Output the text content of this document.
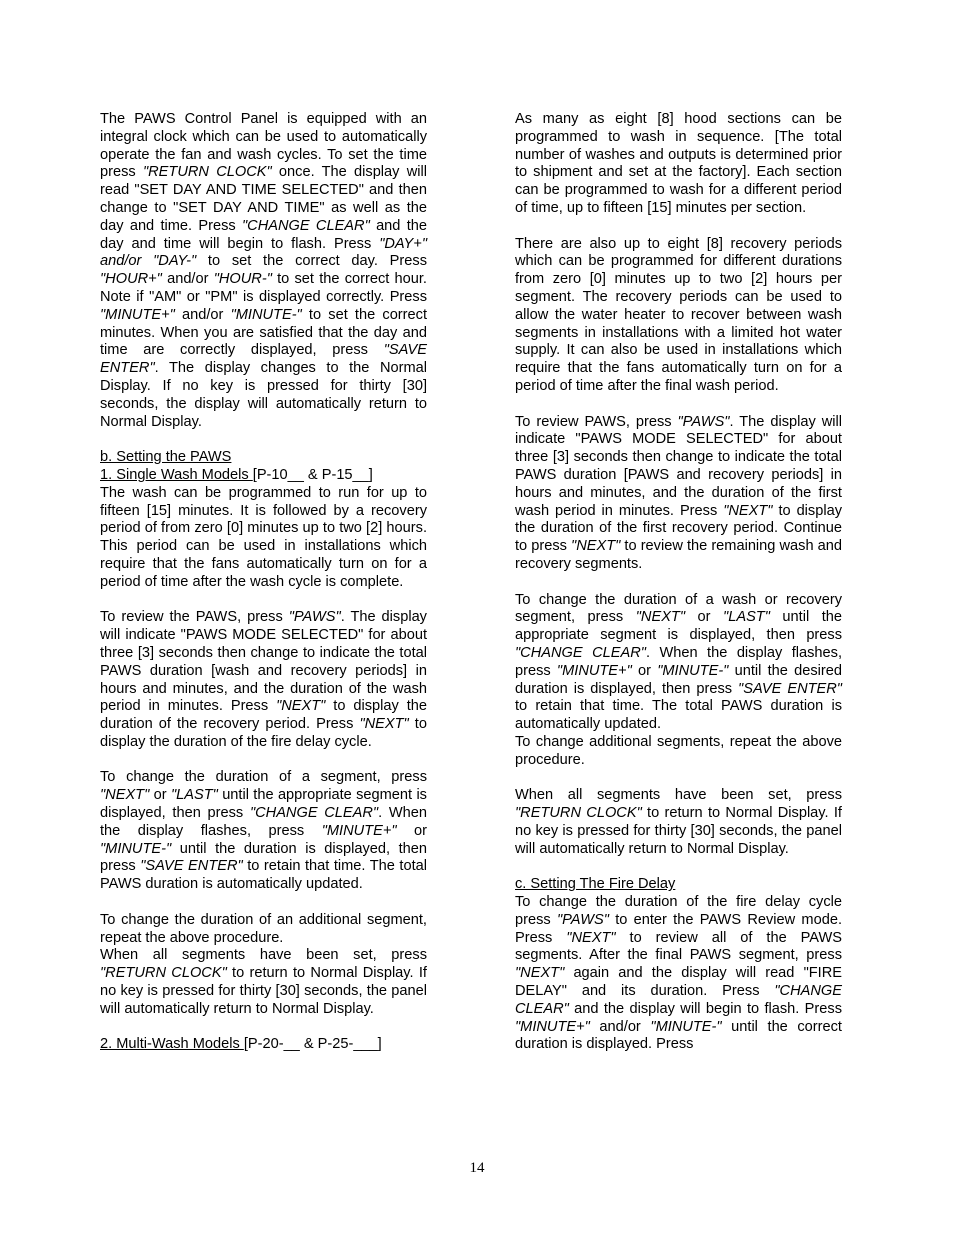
The PAWS Control Panel is equipped with an integral clock which can be used to automatically operate the fan and wash cycles. To set the time press "RETURN CLOCK" once. The display will read "SET DAY AND TIME SELECTED" and then change to "SET DAY AND TIME" as well as the day and time. Press "CHANGE CLEAR" and the day and time will begin to flash. Press "DAY+" and/or "DAY-" to set the correct day. Press "HOUR+" and/or "HOUR-" to set the correct hour. Note if "AM" or "PM" is displayed correctly. Press "MINUTE+" and/or "MINUTE-" to set the correct minutes. When you are satisfied that the day and time are correctly displayed, press "SAVE ENTER". The display changes to the Normal Display. If no key is pressed for thirty [30] seconds, the display will automatically return to Normal Display.

b. Setting the PAWS
1. Single Wash Models [P-10__ & P-15__]

The wash can be programmed to run for up to fifteen [15] minutes. It is followed by a recovery period of from zero [0] minutes up to two [2] hours. This period can be used in installations which require that the fans automatically turn on for a period of time after the wash cycle is complete.

To review the PAWS, press "PAWS". The display will indicate "PAWS MODE SELECTED" for about three [3] seconds then change to indicate the total PAWS duration [wash and recovery periods] in hours and minutes, and the duration of the wash period in minutes. Press "NEXT" to display the duration of the recovery period. Press "NEXT" to display the duration of the fire delay cycle.

To change the duration of a segment, press "NEXT" or "LAST" until the appropriate segment is displayed, then press "CHANGE CLEAR". When the display flashes, press "MINUTE+" or "MINUTE-" until the duration is displayed, then press "SAVE ENTER" to retain that time. The total PAWS duration is automatically updated.

To change the duration of an additional segment, repeat the above procedure.

When all segments have been set, press "RETURN CLOCK" to return to Normal Display. If no key is pressed for thirty [30] seconds, the panel will automatically return to Normal Display.

2. Multi-Wash Models [P-20-__ & P-25-___]

As many as eight [8] hood sections can be programmed to wash in sequence. [The total number of washes and outputs is determined prior to shipment and set at the factory]. Each section can be programmed to wash for a different period of time, up to fifteen [15] minutes per section.

There are also up to eight [8] recovery periods which can be programmed for different durations from zero [0] minutes up to two [2] hours per segment. The recovery periods can be used to allow the water heater to recover between wash segments in installations with a limited hot water supply. It can also be used in installations which require that the fans automatically turn on for a period of time after the final wash period.

To review PAWS, press "PAWS". The display will indicate "PAWS MODE SELECTED" for about three [3] seconds then change to indicate the total PAWS duration [PAWS and recovery periods] in hours and minutes, and the duration of the first wash period in minutes. Press "NEXT" to display the duration of the first recovery period. Continue to press "NEXT" to review the remaining wash and recovery segments.

To change the duration of a wash or recovery segment, press "NEXT" or "LAST" until the appropriate segment is displayed, then press "CHANGE CLEAR". When the display flashes, press "MINUTE+" or "MINUTE-" until the desired duration is displayed, then press "SAVE ENTER" to retain that time. The total PAWS duration is automatically updated.

To change additional segments, repeat the above procedure.

When all segments have been set, press "RETURN CLOCK" to return to Normal Display. If no key is pressed for thirty [30] seconds, the panel will automatically return to Normal Display.

c. Setting The Fire Delay

To change the duration of the fire delay cycle press "PAWS" to enter the PAWS Review mode. Press "NEXT" to review all of the PAWS segments. After the final PAWS segment, press "NEXT" again and the display will read "FIRE DELAY" and its duration. Press "CHANGE CLEAR" and the display will begin to flash. Press "MINUTE+" and/or "MINUTE-" until the correct duration is displayed. Press

14
